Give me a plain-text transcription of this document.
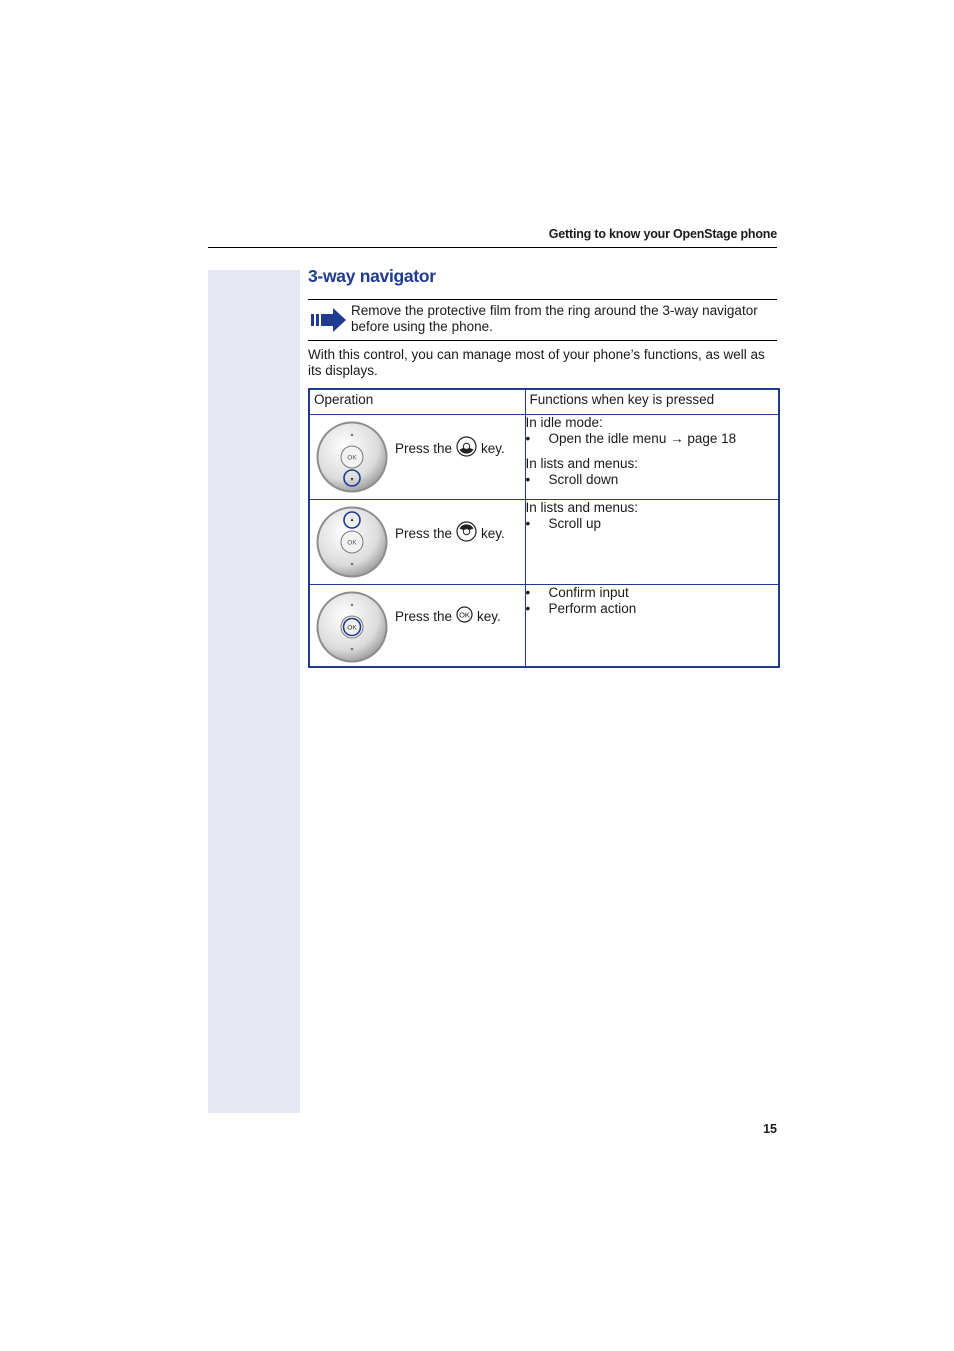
Getting to know your OpenStage phone
3-way navigator
Remove the protective film from the ring around the 3-way navigator before using the phone.

With this control, you can manage most of your phone’s functions, as well as its displays.

Operation	Functions when key is pressed

OK
Press the key.	In idle mode:
• Open the idle menu → page 18
In lists and menus:
• Scroll down

OK
Press the key.	In lists and menus:
• Scroll up

OK
Press the OK key.	• Confirm input
• Perform action
15
